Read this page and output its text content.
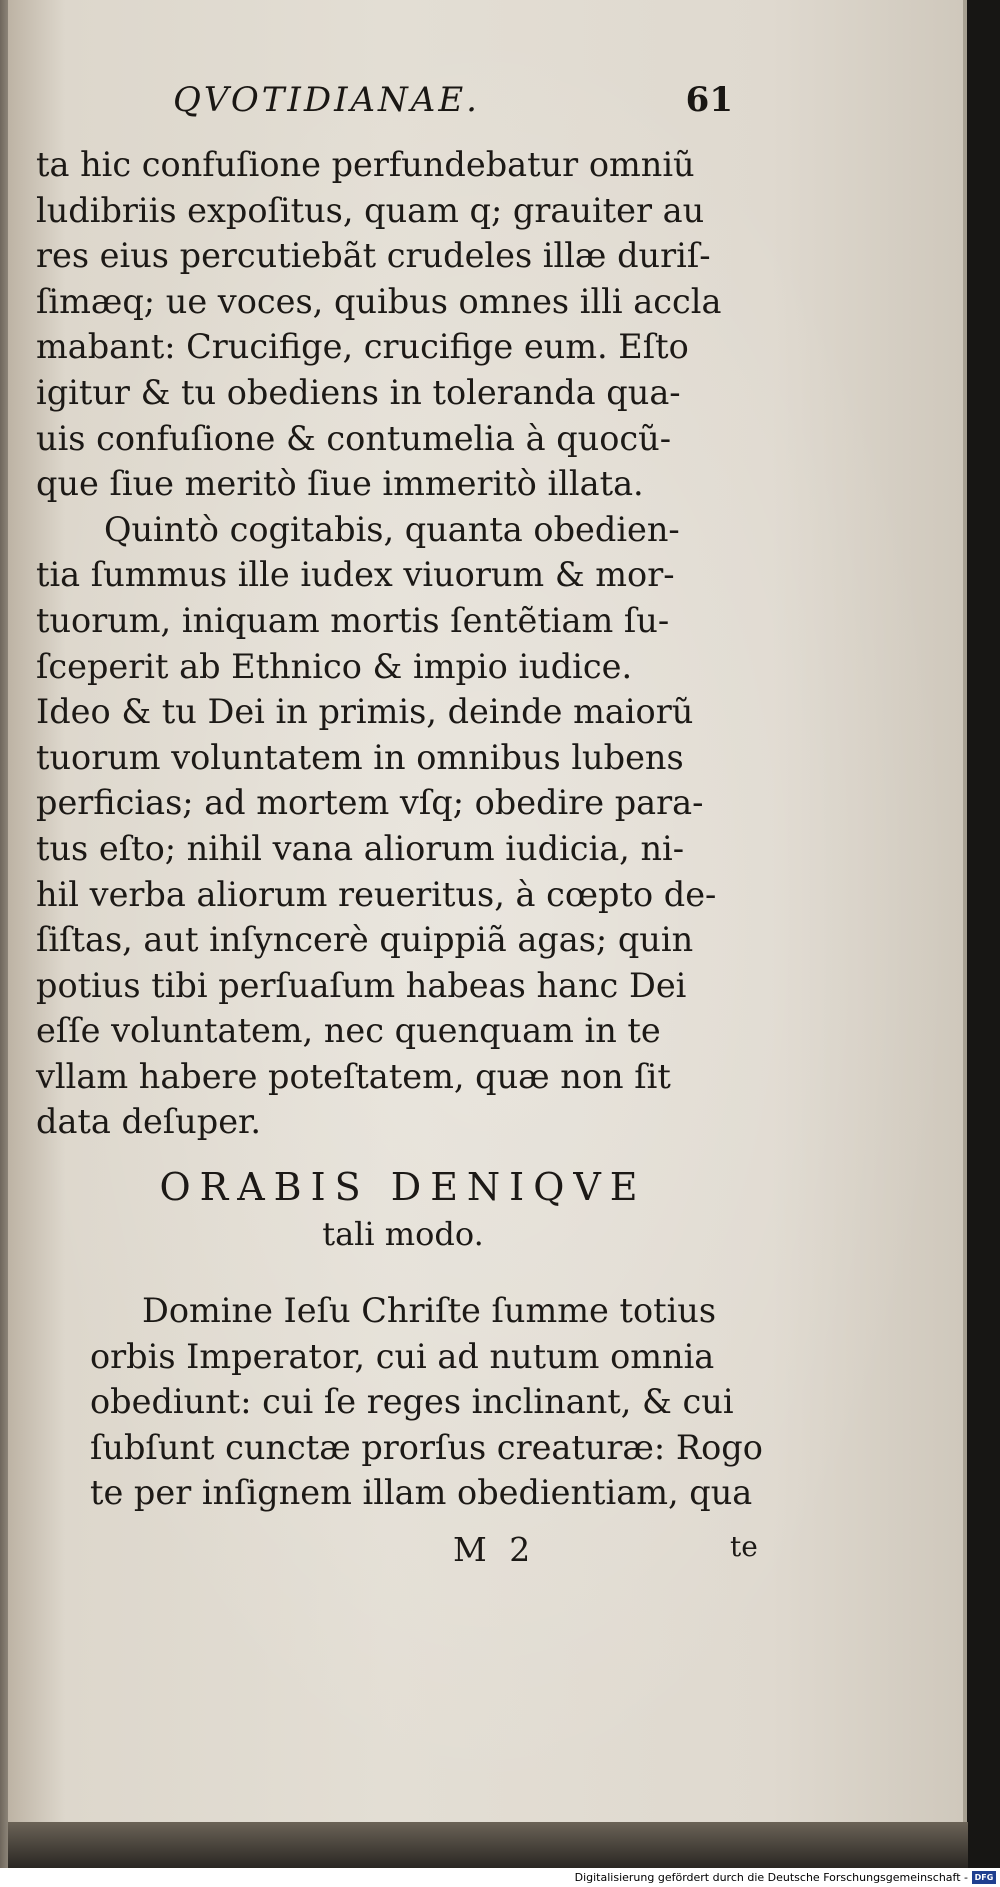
QVOTIDIANAE.	61
ta hic confuſione perfundebatur omniũ
ludibriis expoſitus, quam q; grauiter au
res eius percutiebãt crudeles illæ duriſ-
ſimæq; ue voces, quibus omnes illi accla
mabant: Crucifige, crucifige eum. Eſto
igitur & tu obediens in toleranda qua-
uis confuſione & contumelia à quocũ-
que ſiue meritò ſiue immeritò illata.
Quintò cogitabis, quanta obedien-
tia ſummus ille iudex viuorum & mor-
tuorum, iniquam mortis ſentẽtiam ſu-
ſceperit ab Ethnico & impio iudice.
Ideo & tu Dei in primis, deinde maiorũ
tuorum voluntatem in omnibus lubens
perficias; ad mortem vſq; obedire para-
tus eſto; nihil vana aliorum iudicia, ni-
hil verba aliorum reueritus, à cœpto de-
ſiſtas, aut inſyncerè quippiã agas; quin
potius tibi perſuaſum habeas hanc Dei
eſſe voluntatem, nec quenquam in te
vllam habere poteſtatem, quæ non ſit
data deſuper.
ORABIS DENIQVE
tali modo.
Domine Ieſu Chriſte ſumme totius
orbis Imperator, cui ad nutum omnia
obediunt: cui ſe reges inclinant, & cui
ſubſunt cunctæ prorſus creaturæ: Rogo
te per inſignem illam obedientiam, qua
M 2	te
Digitalisierung gefördert durch die Deutsche Forschungsgemeinschaft - DFG
